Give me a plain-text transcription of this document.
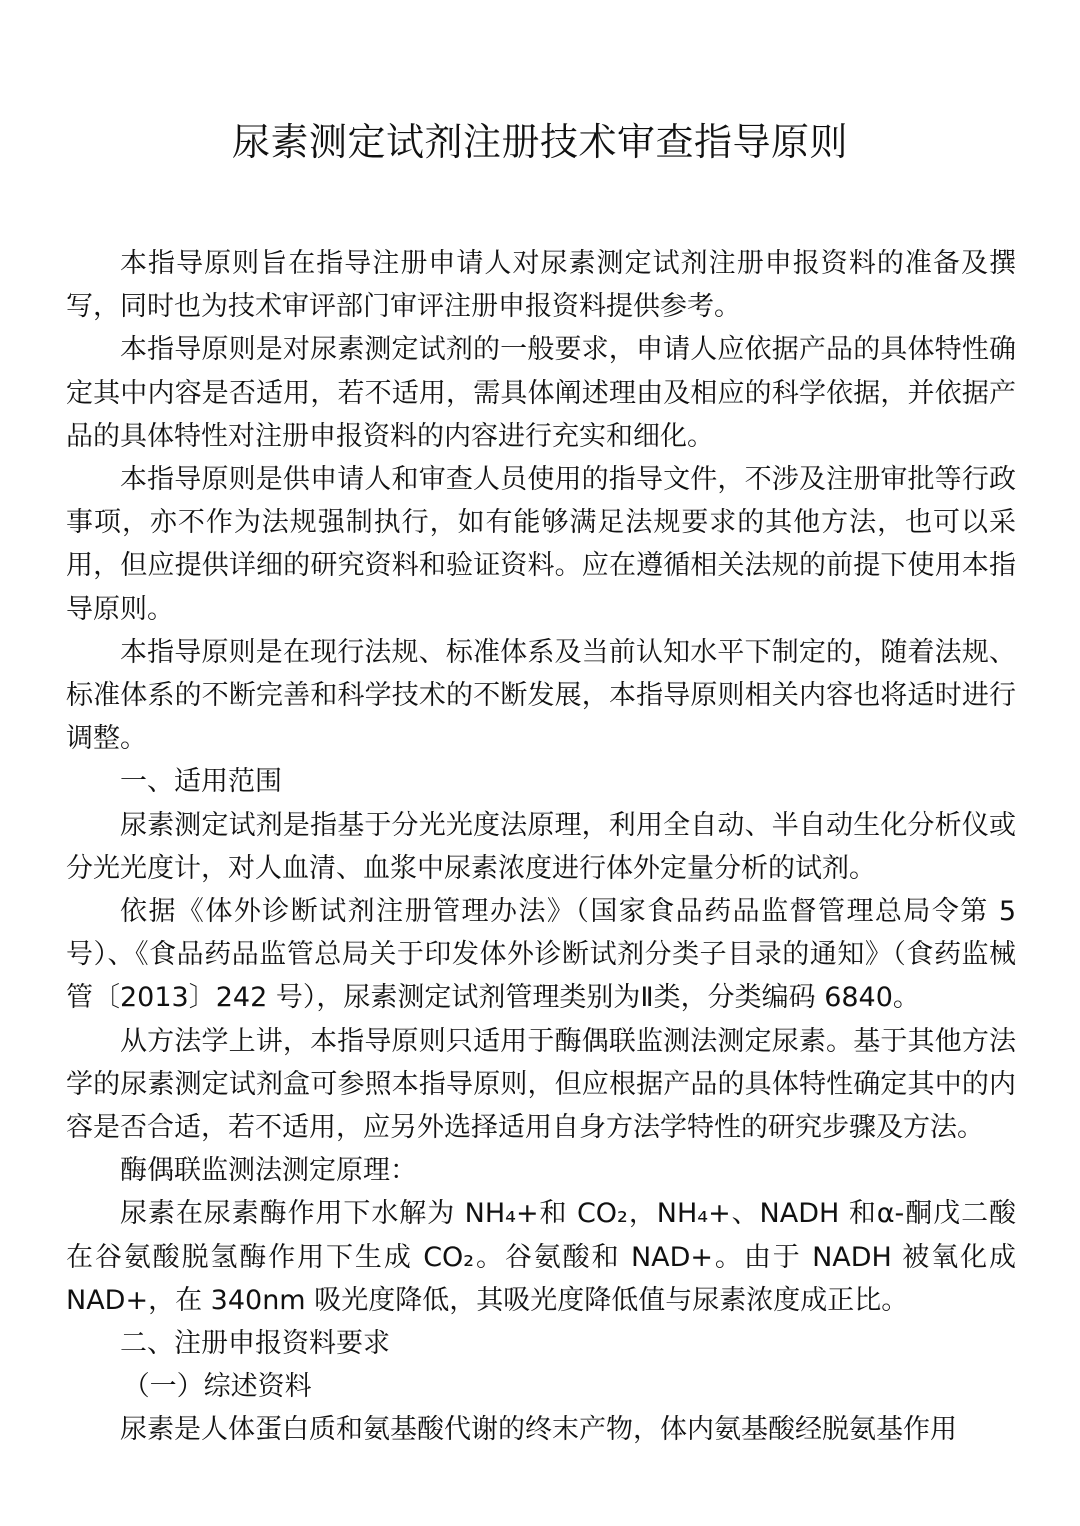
尿素测定试剂注册技术审查指导原则

本指导原则旨在指导注册申请人对尿素测定试剂注册申报资料的准备及撰写，同时也为技术审评部门审评注册申报资料提供参考。

本指导原则是对尿素测定试剂的一般要求，申请人应依据产品的具体特性确定其中内容是否适用，若不适用，需具体阐述理由及相应的科学依据，并依据产品的具体特性对注册申报资料的内容进行充实和细化。

本指导原则是供申请人和审查人员使用的指导文件，不涉及注册审批等行政事项，亦不作为法规强制执行，如有能够满足法规要求的其他方法，也可以采用，但应提供详细的研究资料和验证资料。应在遵循相关法规的前提下使用本指导原则。

本指导原则是在现行法规、标准体系及当前认知水平下制定的，随着法规、标准体系的不断完善和科学技术的不断发展，本指导原则相关内容也将适时进行调整。

一、适用范围

尿素测定试剂是指基于分光光度法原理，利用全自动、半自动生化分析仪或分光光度计，对人血清、血浆中尿素浓度进行体外定量分析的试剂。

依据《体外诊断试剂注册管理办法》（国家食品药品监督管理总局令第 5 号）、《食品药品监管总局关于印发体外诊断试剂分类子目录的通知》（食药监械管〔2013〕242 号），尿素测定试剂管理类别为Ⅱ类，分类编码 6840。

从方法学上讲，本指导原则只适用于酶偶联监测法测定尿素。基于其他方法学的尿素测定试剂盒可参照本指导原则，但应根据产品的具体特性确定其中的内容是否合适，若不适用，应另外选择适用自身方法学特性的研究步骤及方法。

酶偶联监测法测定原理：

尿素在尿素酶作用下水解为 NH₄+和 CO₂，NH₄+、NADH 和α-酮戊二酸在谷氨酸脱氢酶作用下生成 CO₂。谷氨酸和 NAD+。由于 NADH 被氧化成 NAD+，在 340nm 吸光度降低，其吸光度降低值与尿素浓度成正比。

二、注册申报资料要求

（一）综述资料

尿素是人体蛋白质和氨基酸代谢的终末产物，体内氨基酸经脱氨基作用
